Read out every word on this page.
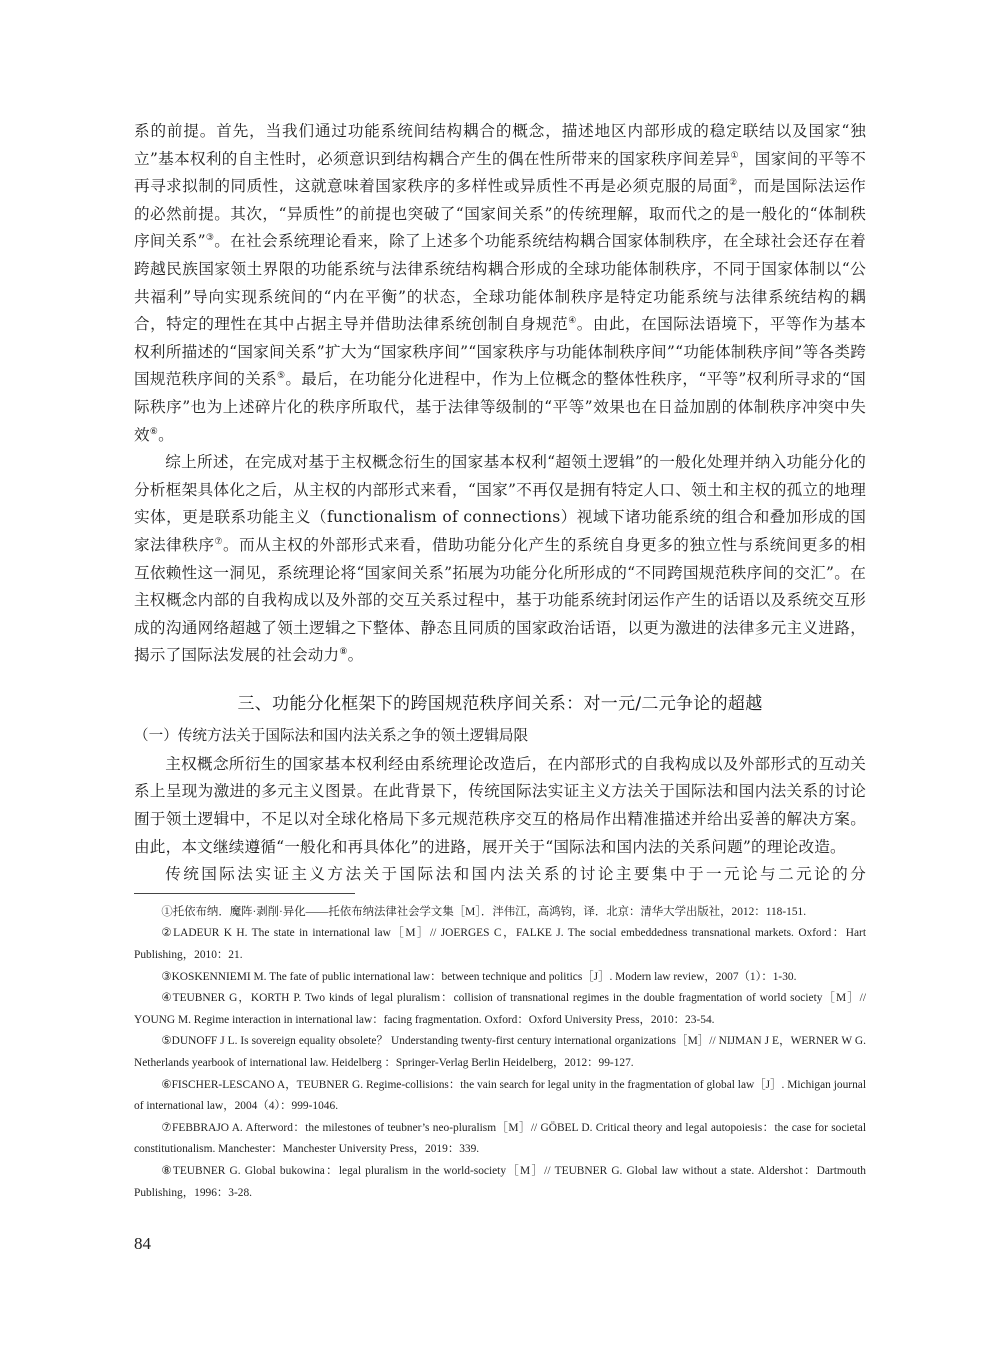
系的前提。首先，当我们通过功能系统间结构耦合的概念，描述地区内部形成的稳定联结以及国家“独立”基本权利的自主性时，必须意识到结构耦合产生的偶在性所带来的国家秩序间差异①，国家间的平等不再寻求拟制的同质性，这就意味着国家秩序的多样性或异质性不再是必须克服的局面②，而是国际法运作的必然前提。其次，“异质性”的前提也突破了“国家间关系”的传统理解，取而代之的是一般化的“体制秩序间关系”③。在社会系统理论看来，除了上述多个功能系统结构耦合国家体制秩序，在全球社会还存在着跨越民族国家领土界限的功能系统与法律系统结构耦合形成的全球功能体制秩序，不同于国家体制以“公共福利”导向实现系统间的“内在平衡”的状态，全球功能体制秩序是特定功能系统与法律系统结构的耦合，特定的理性在其中占据主导并借助法律系统创制自身规范④。由此，在国际法语境下，平等作为基本权利所描述的“国家间关系”扩大为“国家秩序间”“国家秩序与功能体制秩序间”“功能体制秩序间”等各类跨国规范秩序间的关系⑤。最后，在功能分化进程中，作为上位概念的整体性秩序，“平等”权利所寻求的“国际秩序”也为上述碎片化的秩序所取代，基于法律等级制的“平等”效果也在日益加剧的体制秩序冲突中失效⑥。

综上所述，在完成对基于主权概念衍生的国家基本权利“超领土逻辑”的一般化处理并纳入功能分化的分析框架具体化之后，从主权的内部形式来看，“国家”不再仅是拥有特定人口、领土和主权的孤立的地理实体，更是联系功能主义（functionalism of connections）视域下诸功能系统的组合和叠加形成的国家法律秩序⑦。而从主权的外部形式来看，借助功能分化产生的系统自身更多的独立性与系统间更多的相互依赖性这一洞见，系统理论将“国家间关系”拓展为功能分化所形成的“不同跨国规范秩序间的交汇”。在主权概念内部的自我构成以及外部的交互关系过程中，基于功能系统封闭运作产生的话语以及系统交互形成的沟通网络超越了领土逻辑之下整体、静态且同质的国家政治话语，以更为激进的法律多元主义进路，揭示了国际法发展的社会动力⑧。

三、功能分化框架下的跨国规范秩序间关系：对一元/二元争论的超越
（一）传统方法关于国际法和国内法关系之争的领土逻辑局限

主权概念所衍生的国家基本权利经由系统理论改造后，在内部形式的自我构成以及外部形式的互动关系上呈现为激进的多元主义图景。在此背景下，传统国际法实证主义方法关于国际法和国内法关系的讨论囿于领土逻辑中，不足以对全球化格局下多元规范秩序交互的格局作出精准描述并给出妥善的解决方案。由此，本文继续遵循“一般化和再具体化”的进路，展开关于“国际法和国内法的关系问题”的理论改造。

传统国际法实证主义方法关于国际法和国内法关系的讨论主要集中于一元论与二元论的分

①托依布纳．魔阵·剥削·异化——托依布纳法律社会学文集［M］．泮伟江，高鸿钧，译．北京：清华大学出版社，2012：118-151.

②LADEUR K H. The state in international law［M］// JOERGES C，FALKE J. The social embeddedness transnational markets. Oxford：Hart Publishing，2010：21.

③KOSKENNIEMI M. The fate of public international law：between technique and politics［J］. Modern law review，2007（1）：1-30.

④TEUBNER G，KORTH P. Two kinds of legal pluralism：collision of transnational regimes in the double fragmentation of world society［M］// YOUNG M. Regime interaction in international law：facing fragmentation. Oxford：Oxford University Press，2010：23-54.

⑤DUNOFF J L. Is sovereign equality obsolete？ Understanding twenty-first century international organizations［M］// NIJMAN J E，WERNER W G. Netherlands yearbook of international law. Heidelberg ：Springer-Verlag Berlin Heidelberg，2012：99-127.

⑥FISCHER-LESCANO A，TEUBNER G. Regime-collisions：the vain search for legal unity in the fragmentation of global law［J］. Michigan journal of international law，2004（4）：999-1046.

⑦FEBBRAJO A. Afterword：the milestones of teubner’s neo-pluralism［M］// GÖBEL D. Critical theory and legal autopoiesis：the case for societal constitutionalism. Manchester：Manchester University Press，2019：339.

⑧TEUBNER G. Global bukowina：legal pluralism in the world-society［M］// TEUBNER G. Global law without a state. Aldershot：Dartmouth Publishing，1996：3-28.

84
